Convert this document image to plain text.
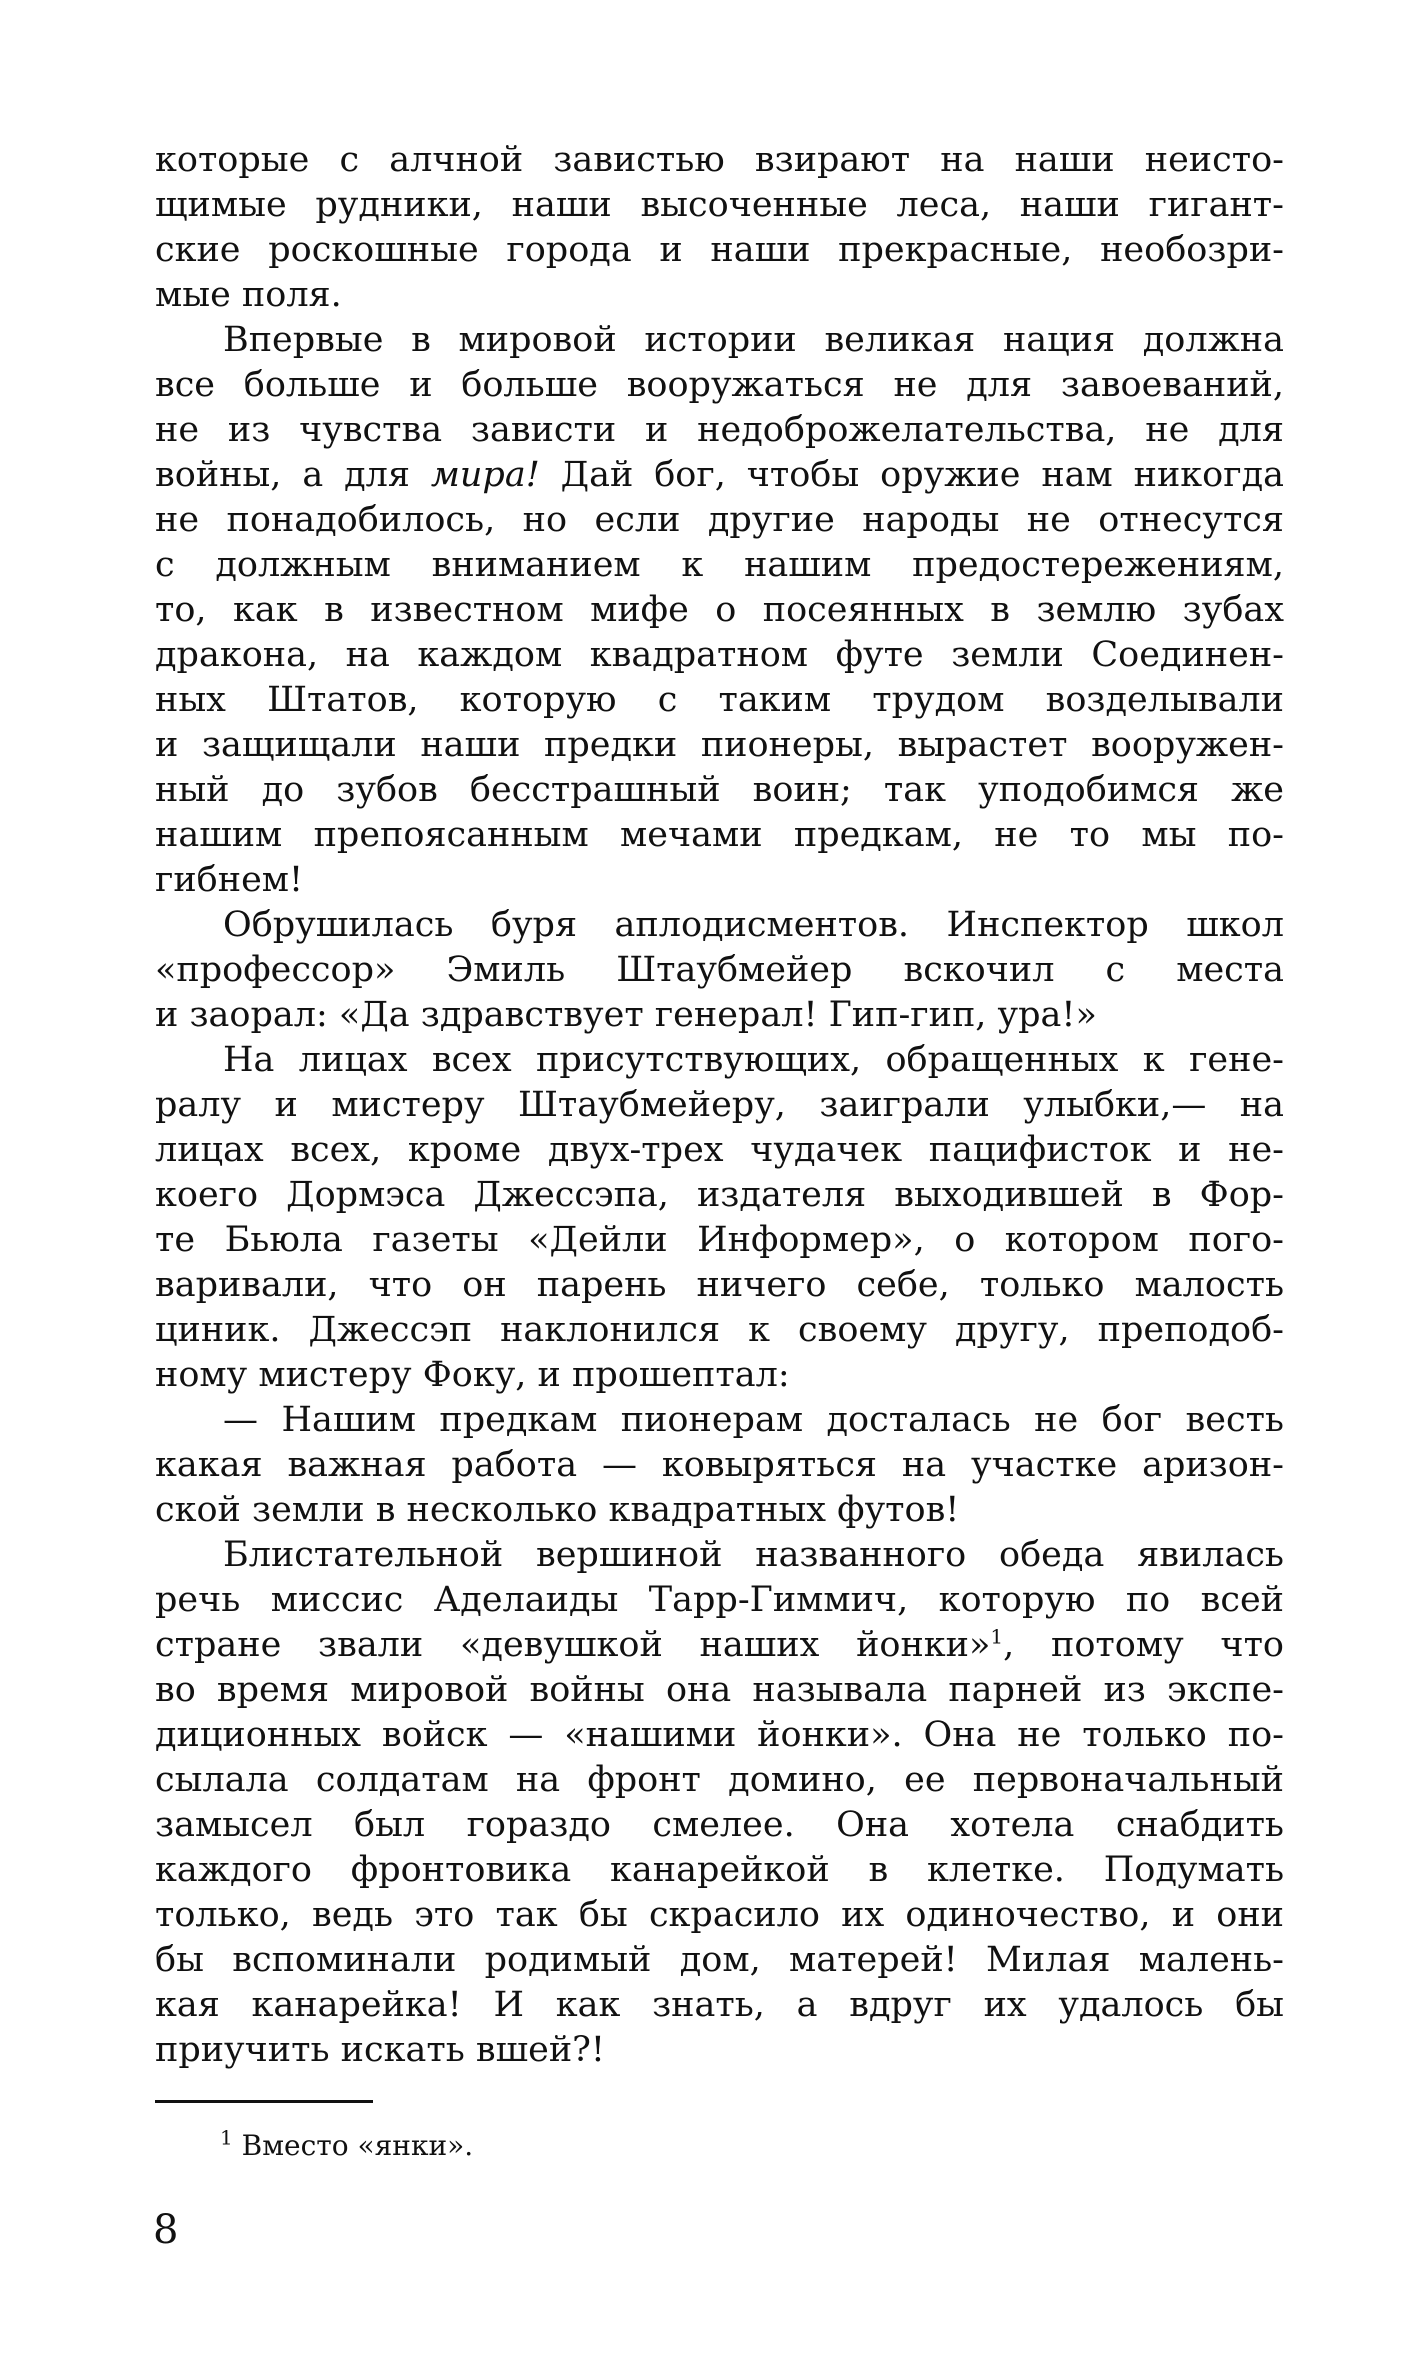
которые с алчной завистью взирают на наши неисто-
щимые рудники, наши высоченные леса, наши гигант-
ские роскошные города и наши прекрасные, необозри-
мые поля.
Впервые в мировой истории великая нация должна
все больше и больше вооружаться не для завоеваний,
не из чувства зависти и недоброжелательства, не для
войны, а для мира! Дай бог, чтобы оружие нам никогда
не понадобилось, но если другие народы не отнесутся
с должным вниманием к нашим предостережениям,
то, как в известном мифе о посеянных в землю зубах
дракона, на каждом квадратном футе земли Соединен-
ных Штатов, которую с таким трудом возделывали
и защищали наши предки пионеры, вырастет вооружен-
ный до зубов бесстрашный воин; так уподобимся же
нашим препоясанным мечами предкам, не то мы по-
гибнем!
Обрушилась буря аплодисментов. Инспектор школ
«профессор» Эмиль Штаубмейер вскочил с места
и заорал: «Да здравствует генерал! Гип-гип, ура!»
На лицах всех присутствующих, обращенных к гене-
ралу и мистеру Штаубмейеру, заиграли улыбки,— на
лицах всех, кроме двух-трех чудачек пацифисток и не-
коего Дормэса Джессэпа, издателя выходившей в Фор-
те Бьюла газеты «Дейли Информер», о котором пого-
варивали, что он парень ничего себе, только малость
циник. Джессэп наклонился к своему другу, преподоб-
ному мистеру Фоку, и прошептал:
— Нашим предкам пионерам досталась не бог весть
какая важная работа — ковыряться на участке аризон-
ской земли в несколько квадратных футов!
Блистательной вершиной названного обеда явилась
речь миссис Аделаиды Тарр-Гиммич, которую по всей
стране звали «девушкой наших йонки»$^1$, потому что
во время мировой войны она называла парней из экспе-
диционных войск — «нашими йонки». Она не только по-
сылала солдатам на фронт домино, ее первоначальный
замысел был гораздо смелее. Она хотела снабдить
каждого фронтовика канарейкой в клетке. Подумать
только, ведь это так бы скрасило их одиночество, и они
бы вспоминали родимый дом, матерей! Милая малень-
кая канарейка! И как знать, а вдруг их удалось бы
приучить искать вшей?!
$^1$ Вместо «янки».
8
